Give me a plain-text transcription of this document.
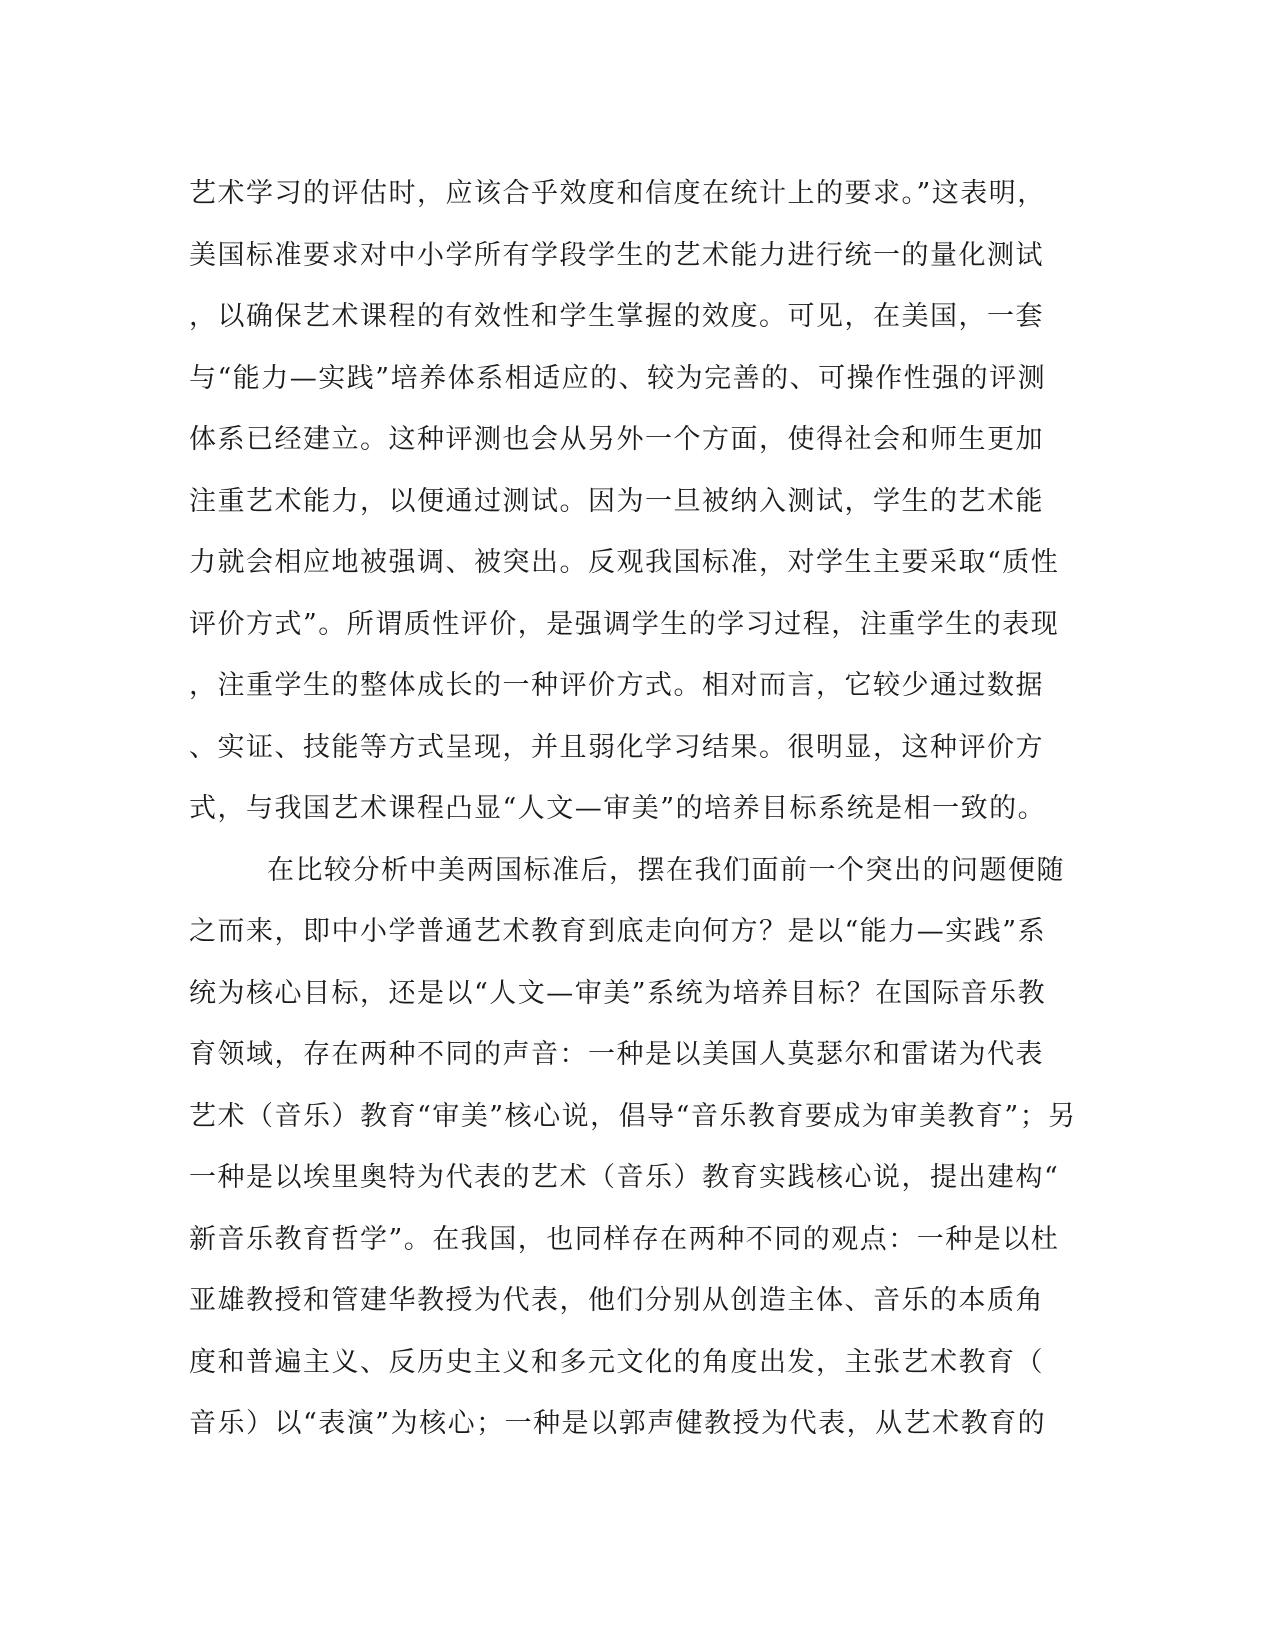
艺术学习的评估时，应该合乎效度和信度在统计上的要求。”这表明，
美国标准要求对中小学所有学段学生的艺术能力进行统一的量化测试
，以确保艺术课程的有效性和学生掌握的效度。可见，在美国，一套
与“能力—实践”培养体系相适应的、较为完善的、可操作性强的评测
体系已经建立。这种评测也会从另外一个方面，使得社会和师生更加
注重艺术能力，以便通过测试。因为一旦被纳入测试，学生的艺术能
力就会相应地被强调、被突出。反观我国标准，对学生主要采取“质性
评价方式”。所谓质性评价，是强调学生的学习过程，注重学生的表现
，注重学生的整体成长的一种评价方式。相对而言，它较少通过数据
、实证、技能等方式呈现，并且弱化学习结果。很明显，这种评价方
式，与我国艺术课程凸显“人文—审美”的培养目标系统是相一致的。
在比较分析中美两国标准后，摆在我们面前一个突出的问题便随
之而来，即中小学普通艺术教育到底走向何方？是以“能力—实践”系
统为核心目标，还是以“人文—审美”系统为培养目标？在国际音乐教
育领域，存在两种不同的声音：一种是以美国人莫瑟尔和雷诺为代表
艺术（音乐）教育“审美”核心说，倡导“音乐教育要成为审美教育”；另
一种是以埃里奥特为代表的艺术（音乐）教育实践核心说，提出建构“
新音乐教育哲学”。在我国，也同样存在两种不同的观点：一种是以杜
亚雄教授和管建华教授为代表，他们分别从创造主体、音乐的本质角
度和普遍主义、反历史主义和多元文化的角度出发，主张艺术教育（
音乐）以“表演”为核心；一种是以郭声健教授为代表，从艺术教育的
